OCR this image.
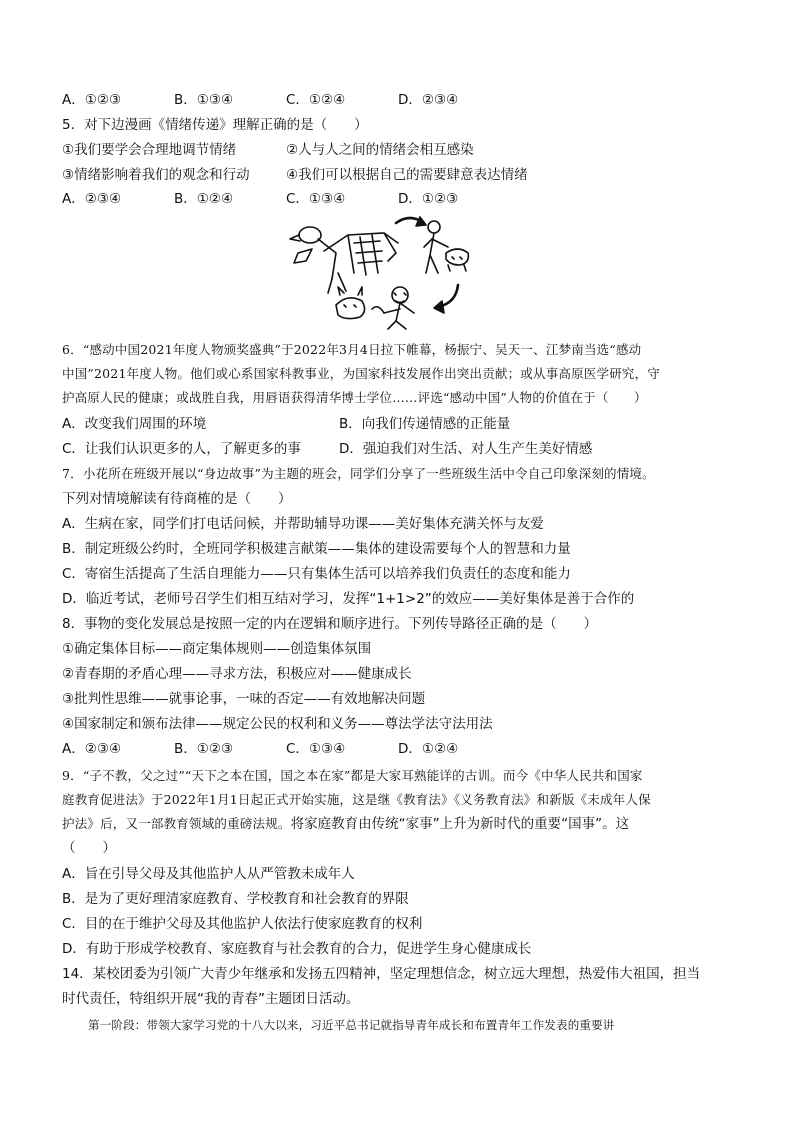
A．①②③	B．①③④	C．①②④	D．②③④
5．对下边漫画《情绪传递》理解正确的是（　　）
①我们要学会合理地调节情绪	②人与人之间的情绪会相互感染
③情绪影响着我们的观念和行动	④我们可以根据自己的需要肆意表达情绪
A．②③④	B．①②④	C．①③④	D．①②③
6．“感动中国2021年度人物颁奖盛典”于2022年3月4日拉下帷幕，杨振宁、吴天一、江梦南当选“感动
中国”2021年度人物。他们或心系国家科教事业，为国家科技发展作出突出贡献；或从事高原医学研究，守
护高原人民的健康；或战胜自我，用唇语获得清华博士学位……评选“感动中国”人物的价值在于（　　）
A．改变我们周围的环境	B．向我们传递情感的正能量
C．让我们认识更多的人，了解更多的事	D．强迫我们对生活、对人生产生美好情感
7．小花所在班级开展以“身边故事”为主题的班会，同学们分享了一些班级生活中令自己印象深刻的情境。
下列对情境解读有待商榷的是（　　）
A．生病在家，同学们打电话问候，并帮助辅导功课——美好集体充满关怀与友爱
B．制定班级公约时，全班同学积极建言献策——集体的建设需要每个人的智慧和力量
C．寄宿生活提高了生活自理能力——只有集体生活可以培养我们负责任的态度和能力
D．临近考试，老师号召学生们相互结对学习，发挥“1+1>2”的效应——美好集体是善于合作的
8．事物的变化发展总是按照一定的内在逻辑和顺序进行。下列传导路径正确的是（　　）
①确定集体目标——商定集体规则——创造集体氛围
②青春期的矛盾心理——寻求方法，积极应对——健康成长
③批判性思维——就事论事，一味的否定——有效地解决问题
④国家制定和颁布法律——规定公民的权利和义务——尊法学法守法用法
A．②③④	B．①②③	C．①③④	D．①②④
9．“子不教，父之过”“天下之本在国，国之本在家”都是大家耳熟能详的古训。而今《中华人民共和国家
庭教育促进法》于2022年1月1日起正式开始实施，这是继《教育法》《义务教育法》和新版《未成年人保
护法》后，又一部教育领域的重磅法规。将家庭教育由传统“家事”上升为新时代的重要“国事”。这
（　　）
A．旨在引导父母及其他监护人从严管教未成年人
B．是为了更好理清家庭教育、学校教育和社会教育的界限
C．目的在于维护父母及其他监护人依法行使家庭教育的权利
D．有助于形成学校教育、家庭教育与社会教育的合力，促进学生身心健康成长
14．某校团委为引领广大青少年继承和发扬五四精神，坚定理想信念，树立远大理想，热爱伟大祖国，担当
时代责任，特组织开展“我的青春”主题团日活动。
第一阶段：带领大家学习党的十八大以来，习近平总书记就指导青年成长和布置青年工作发表的重要讲
